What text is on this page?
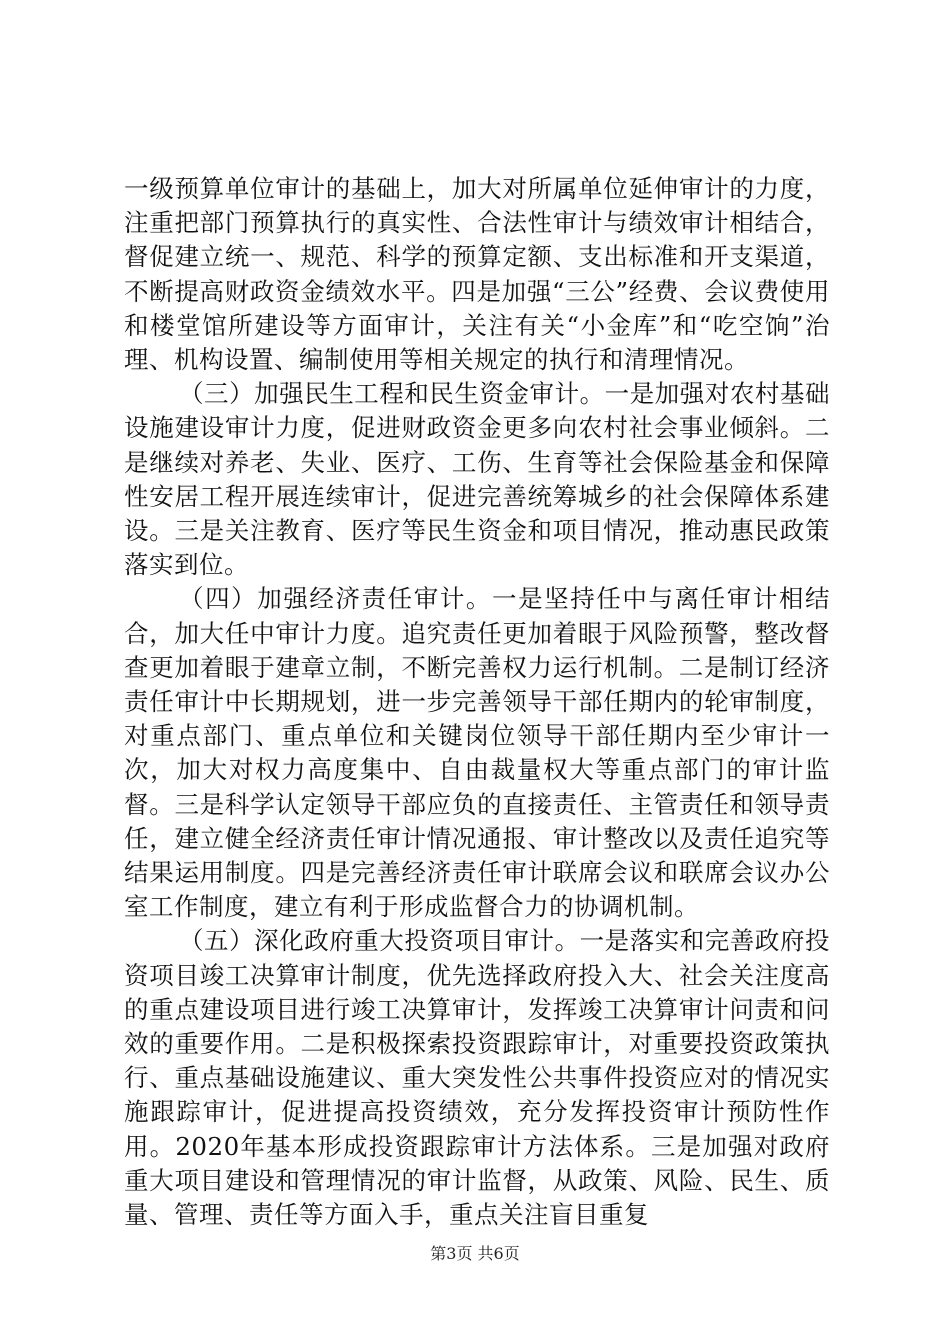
一级预算单位审计的基础上，加大对所属单位延伸审计的力度，注重把部门预算执行的真实性、合法性审计与绩效审计相结合，督促建立统一、规范、科学的预算定额、支出标准和开支渠道，不断提高财政资金绩效水平。四是加强“三公”经费、会议费使用和楼堂馆所建设等方面审计，关注有关“小金库”和“吃空饷”治理、机构设置、编制使用等相关规定的执行和清理情况。

（三）加强民生工程和民生资金审计。一是加强对农村基础设施建设审计力度，促进财政资金更多向农村社会事业倾斜。二是继续对养老、失业、医疗、工伤、生育等社会保险基金和保障性安居工程开展连续审计，促进完善统筹城乡的社会保障体系建设。三是关注教育、医疗等民生资金和项目情况，推动惠民政策落实到位。

（四）加强经济责任审计。一是坚持任中与离任审计相结合，加大任中审计力度。追究责任更加着眼于风险预警，整改督查更加着眼于建章立制，不断完善权力运行机制。二是制订经济责任审计中长期规划，进一步完善领导干部任期内的轮审制度，对重点部门、重点单位和关键岗位领导干部任期内至少审计一次，加大对权力高度集中、自由裁量权大等重点部门的审计监督。三是科学认定领导干部应负的直接责任、主管责任和领导责任，建立健全经济责任审计情况通报、审计整改以及责任追究等结果运用制度。四是完善经济责任审计联席会议和联席会议办公室工作制度，建立有利于形成监督合力的协调机制。

（五）深化政府重大投资项目审计。一是落实和完善政府投资项目竣工决算审计制度，优先选择政府投入大、社会关注度高的重点建设项目进行竣工决算审计，发挥竣工决算审计问责和问效的重要作用。二是积极探索投资跟踪审计，对重要投资政策执行、重点基础设施建议、重大突发性公共事件投资应对的情况实施跟踪审计，促进提高投资绩效，充分发挥投资审计预防性作用。2020年基本形成投资跟踪审计方法体系。三是加强对政府重大项目建设和管理情况的审计监督，从政策、风险、民生、质量、管理、责任等方面入手，重点关注盲目重复

第3页 共6页
